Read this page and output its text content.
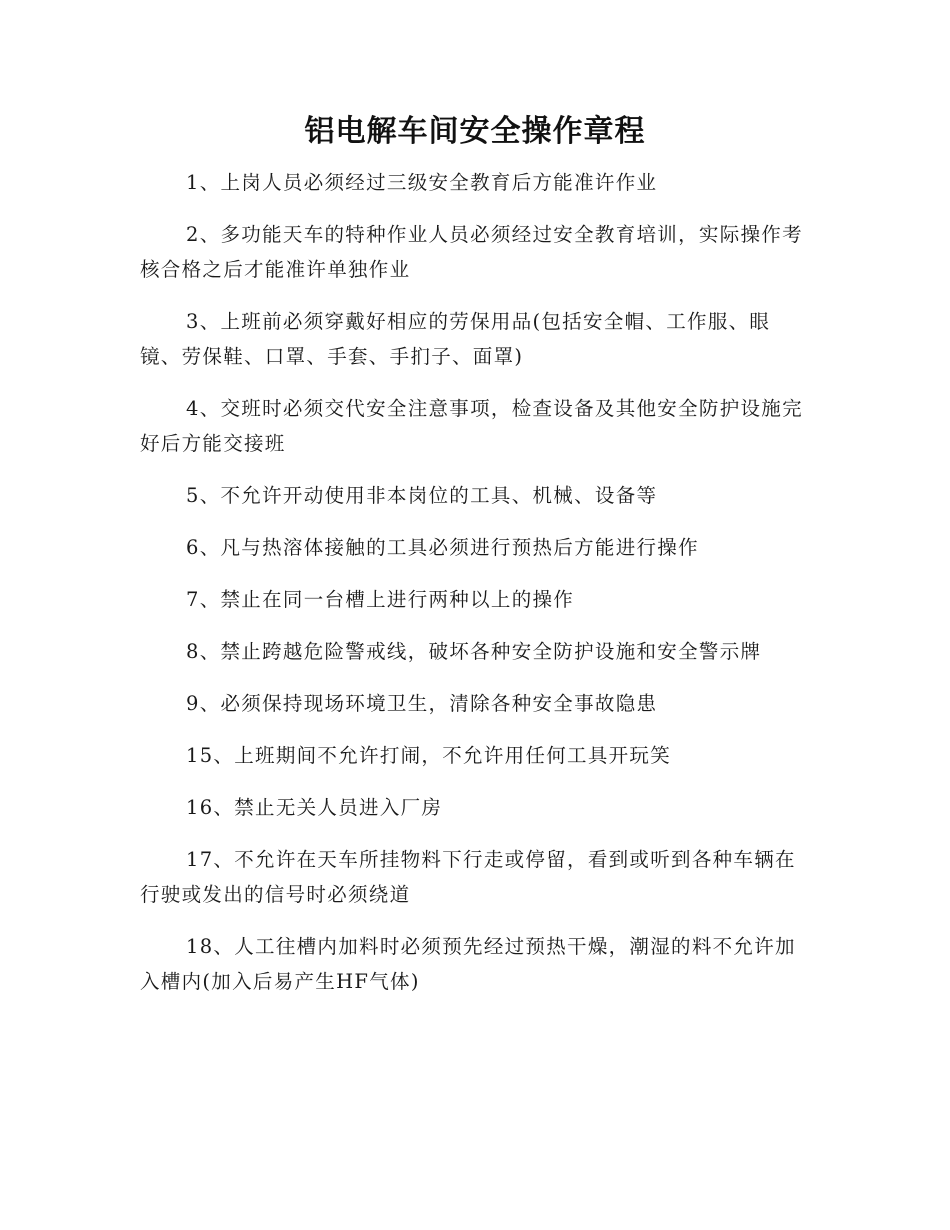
铝电解车间安全操作章程

1、上岗人员必须经过三级安全教育后方能准许作业

2、多功能天车的特种作业人员必须经过安全教育培训，实际操作考核合格之后才能准许单独作业

3、上班前必须穿戴好相应的劳保用品(包括安全帽、工作服、眼镜、劳保鞋、口罩、手套、手扪子、面罩)

4、交班时必须交代安全注意事项，检查设备及其他安全防护设施完好后方能交接班

5、不允许开动使用非本岗位的工具、机械、设备等

6、凡与热溶体接触的工具必须进行预热后方能进行操作

7、禁止在同一台槽上进行两种以上的操作

8、禁止跨越危险警戒线，破坏各种安全防护设施和安全警示牌

9、必须保持现场环境卫生，清除各种安全事故隐患

15、上班期间不允许打闹，不允许用任何工具开玩笑

16、禁止无关人员进入厂房

17、不允许在天车所挂物料下行走或停留，看到或听到各种车辆在行驶或发出的信号时必须绕道

18、人工往槽内加料时必须预先经过预热干燥，潮湿的料不允许加入槽内(加入后易产生HF气体)
